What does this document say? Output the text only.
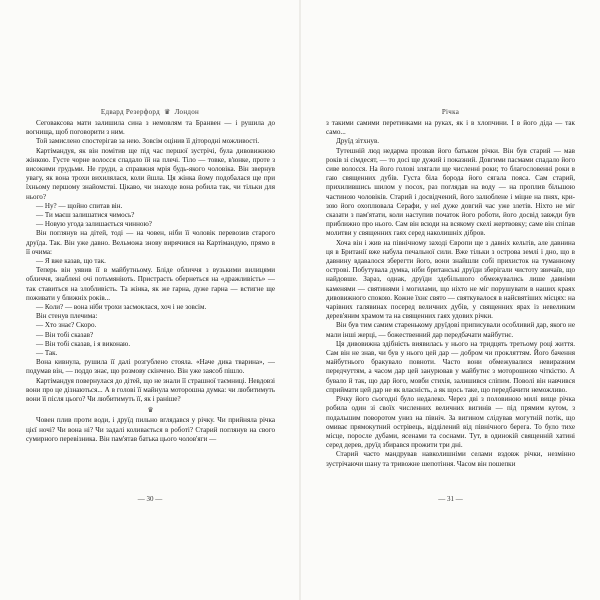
Едвард Резерфорд ♛ Лондон

Сеговаксова мати залишила сина з немовлям та Бранвен — і рушила до вогнища, щоб поговорити з ним.

Той замислено спостерігав за нею. Зовсім оцінив її дітородні можливості.

Картімандуя, як він помітив ще під час першої зустрічі, була дивовижною жінкою. Густе чорне волосся спадало їй на плечі. Тіло — товке, в'юнке, проте з високими грудьми. Не груди, а справжня мрія будь-якого чоловіка. Він звернув увагу, як вона трохи вихилялася, коли йшла. Ця жінка йому подобалася ще при їхньому першому знайомстві. Цікаво, чи знаходе вона робила так, чи тільки для нього?

— Ну? — щойно спитав він.

— Ти маєш залишатися чимось?

— Новую угода залишається чинною?

Він поглянув на дітей, тоді — на човен, ніби її чоловік перевозив старого друїда. Так. Він уже давно. Вельможа знову вирячився на Картімандую, прямо в її очима:

— Я вже казав, що так.

Теперь він уявив її в майбутньому. Бліде обличчя з вузькими вилицями обличчя, знаблені очі потьмяніють. Пристрасть обернеться на «дражливість» — так ставиться на злобливість. Та жінка, як же гарна, дуже гарна — встигне ще поживати у ближніх років...

— Коли? — вона ніби трохи засмоклася, хоч і не зовсім.

Він стенув плечима:

— Хто знає? Скоро.

— Він тобі сказав?

— Він тобі сказав, і я виконаю.

— Так.

Вона кивнула, рушила її далі розгублено стояла. «Наче дика тварина», — подумав він, — поддо знає, що розмову скінчено. Він уже заясоб пішло.

Картімандуя повернулася до дітей, що не знали її страшної таємниці. Невдовзі вони про це дізнаються... А в голові її майнула моторошна думка: чи любитимуть вони її після цього? Чи любитимуть її, як і раніше?

♛

Човен плив проти води, і друїд пильно вглядався у річку. Чи прийняла річка цієї ночі? Чи вона ні? Чи задалі коливається в роботі? Старий поглянув на свого сумирного перевізника. Він пам'ятав батька цього чолов'яги —

— 30 —
Річка

з такими самими перетинками на руках, як і в хлопчини. І в його діда — так само...

Друїд зітхнув.

Тутешній люд недарма прозвав його батьком річки. Він був старий — мав років зі сімдесят, — то досі ще дужий і показний. Довгими пасмами спадало його сиве волосся. На його голові злягали ще численні роки; то благословенні роки в гаю священних дубів. Густа біла борода його сягала пояса. Сам старий, прихилившись шилом у посох, раз поглядав на воду — на проплив більшою частиною чоловіків. Старий і досвідчений, його залюблене і міцне на пнях, кризою його охоплювала Серафи, у неї дуже довгий час уже злетів. Ніхто не міг сказати з пам'ятати, коли наступив початок його роботи, його досвід завжди був приближно про нього. Сам він всюди на всякому скелі жертвовку; саме він спіпав молитви у священних гаях серед наколишніх дібров.

Хоча він і жив на північному заході Європи ще з давніх кельтів, але давнина ця в Британії вже набула печальної сили. Вже тільки з острова землі і дно, що в давнину вдавалося зберегти його, вони знайшли собі прихисток на туманному острові. Побутувала думка, ніби британські друїди зберігали чистоту звичаїв, що найдовше. Зараз, однак, друїди здебільшого обмежувались лише давніми каменями — святинями і могилами, що ніхто не міг порушувати в наших краях дивовижного спокою. Кожне їхнє свято — святкувалося в найсвятіших місцях: на чарівних галявинах посеред величних дубів, у священних ярах із невеликим дерев'яним храмом та на священних гаях удових річки.

Він був тим самим старенькому друїдові приписували особливий дар, якого не мали інші жерці, — божественний дар передбачати майбутнє.

Ця дивовижна здібність виявилась у нього на тридцять третьому році життя. Сам він не знав, чи був у нього цей дар — добром чи прокляттям. Його бачення майбутнього бракувало повноти. Часто вони обмежувалися невиразним передчуттям, а часом дар цей занурював у майбутнє з моторошною чіткістю. А бувало й так, що дар його, мовби стихія, залишився сліпим. Поволі він навчився сприймати цей дар не як власність, а як щось таке, що передбачити неможливо.

Річку його сьогодні було недалеко. Через дві з половиною милі вище річка робила один зі своїх численних величних вигинів — під прямим кутом, з подальшим поворотом униз на північ. За вигином слідував могутній потік, що омиває прямокутний острівець, відділений від північного берега. То було тихе місце, поросле дубами, ясенами та соснами. Тут, в одинокій священній хатині серед дерев, друїд збирався прожити три дні.

Старий часто мандрував навколишніми селами вздовж річки, незмінно зустрічаючи шану та тривожне шепотіння. Часом він пошепки

— 31 —
